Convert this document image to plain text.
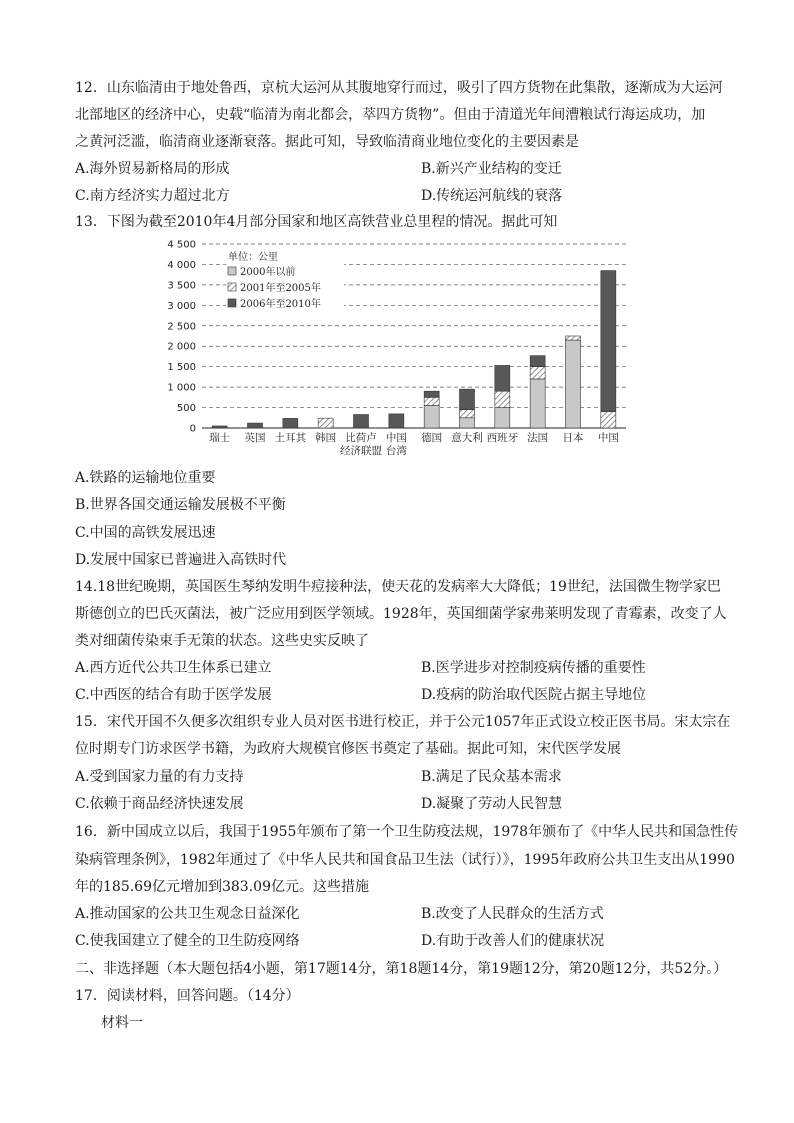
12．山东临清由于地处鲁西，京杭大运河从其腹地穿行而过，吸引了四方货物在此集散，逐渐成为大运河
北部地区的经济中心，史载“临清为南北都会，萃四方货物”。但由于清道光年间漕粮试行海运成功，加
之黄河泛滥，临清商业逐渐衰落。据此可知，导致临清商业地位变化的主要因素是
A.海外贸易新格局的形成	B.新兴产业结构的变迁
C.南方经济实力超过北方	D.传统运河航线的衰落
13．下图为截至2010年4月部分国家和地区高铁营业总里程的情况。据此可知
0
500
1 000
1 500
2 000
2 500
3 000
3 500
4 000
4 500
瑞士 英国 土耳其 韩国 比荷卢
经济联盟
中国
台湾
德国 意大利 西班牙 法国 日本 中国
单位：公里
2000年以前
2001年至2005年
2006年至2010年
A.铁路的运输地位重要
B.世界各国交通运输发展极不平衡
C.中国的高铁发展迅速
D.发展中国家已普遍进入高铁时代
14.18世纪晚期，英国医生琴纳发明牛痘接种法，使天花的发病率大大降低；19世纪，法国微生物学家巴
斯德创立的巴氏灭菌法，被广泛应用到医学领域。1928年，英国细菌学家弗莱明发现了青霉素，改变了人
类对细菌传染束手无策的状态。这些史实反映了
A.西方近代公共卫生体系已建立	B.医学进步对控制疫病传播的重要性
C.中西医的结合有助于医学发展	D.疫病的防治取代医院占据主导地位
15．宋代开国不久便多次组织专业人员对医书进行校正，并于公元1057年正式设立校正医书局。宋太宗在
位时期专门访求医学书籍，为政府大规模官修医书奠定了基础。据此可知，宋代医学发展
A.受到国家力量的有力支持	B.满足了民众基本需求
C.依赖于商品经济快速发展	D.凝聚了劳动人民智慧
16．新中国成立以后，我国于1955年颁布了第一个卫生防疫法规，1978年颁布了《中华人民共和国急性传
染病管理条例》，1982年通过了《中华人民共和国食品卫生法（试行）》，1995年政府公共卫生支出从1990
年的185.69亿元增加到383.09亿元。这些措施
A.推动国家的公共卫生观念日益深化	B.改变了人民群众的生活方式
C.使我国建立了健全的卫生防疫网络	D.有助于改善人们的健康状况
二、非选择题（本大题包括4小题，第17题14分，第18题14分，第19题12分，第20题12分，共52分。）
17．阅读材料，回答问题。（14分）
材料一
